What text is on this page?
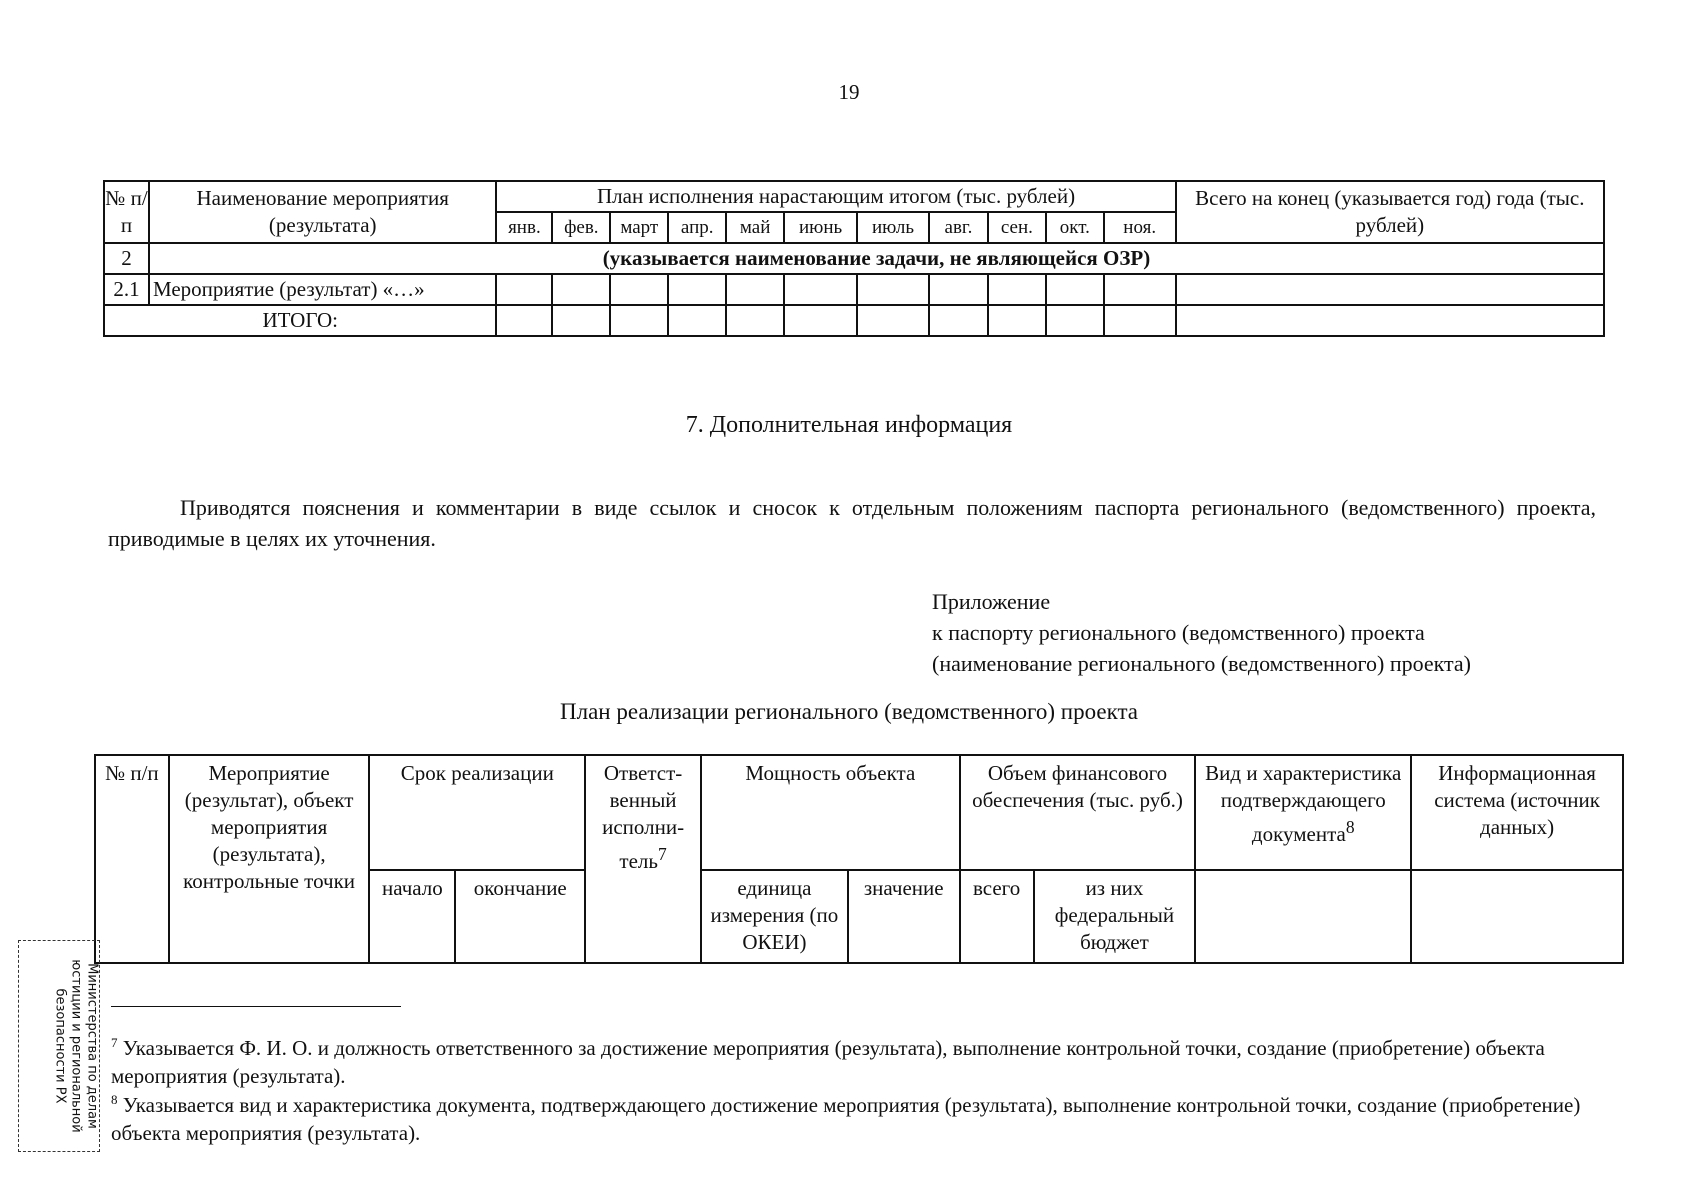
19
№ п/п	Наименование мероприятия (результата)	План исполнения нарастающим итогом (тыс. рублей)											Всего на конец (указывается год) года (тыс. рублей)
		янв.	фев.	март	апр.	май	июнь	июль	авг.	сен.	окт.	ноя.	
2	(указывается наименование задачи, не являющейся ОЗР)												
2.1	Мероприятие (результат) «…»												
ИТОГО:													
7. Дополнительная информация
Приводятся пояснения и комментарии в виде ссылок и сносок к отдельным положениям паспорта регионального (ведомственного) проекта, приводимые в целях их уточнения.
Приложение
к паспорту регионального (ведомственного) проекта
(наименование регионального (ведомственного) проекта)
План реализации регионального (ведомственного) проекта
№ п/п	Мероприятие (результат), объект мероприятия (результата), контрольные точки	Срок реализации		Ответст-венный исполни-тель$^7$	Мощность объекта		Объем финансового обеспечения (тыс. руб.)		Вид и характеристика подтверждающего документа$^8$	Информационная система (источник данных)
		начало	окончание		единица измерения (по ОКЕИ)	значение	всего	из них федеральный бюджет		
$^7$ Указывается Ф. И. О. и должность ответственного за достижение мероприятия (результата), выполнение контрольной точки, создание (приобретение) объекта мероприятия (результата).
$^8$ Указывается вид и характеристика документа, подтверждающего достижение мероприятия (результата), выполнение контрольной точки, создание (приобретение) объекта мероприятия (результата).
Министерства по делам
юстиции и региональной
безопасности РХ
